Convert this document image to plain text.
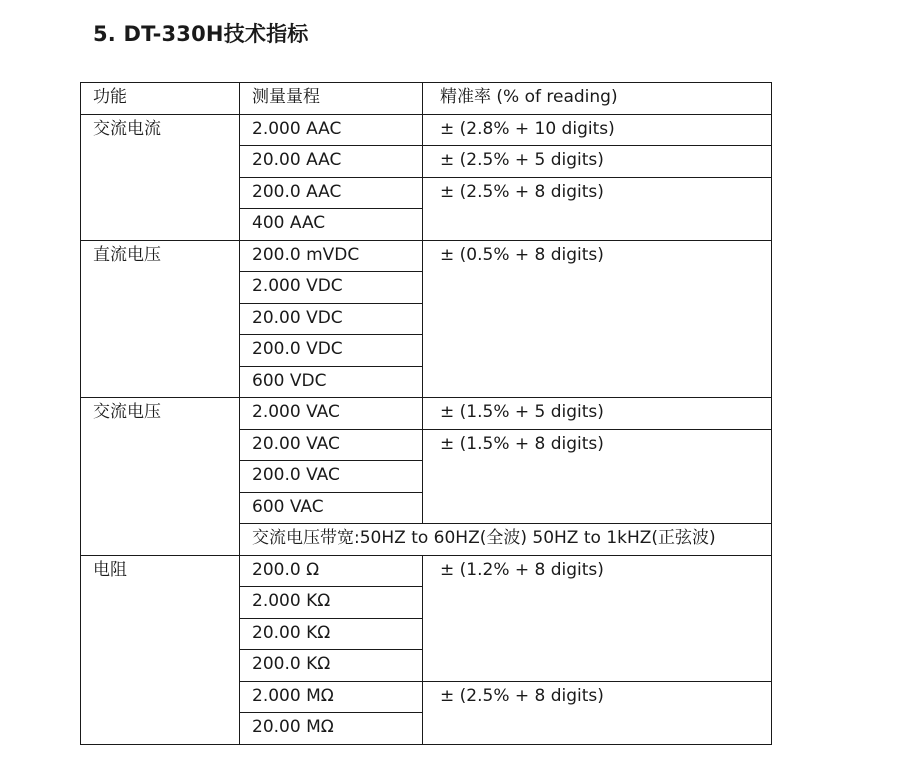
5. DT-330H技术指标
功能	测量量程	精准率 (% of reading)
交流电流	2.000 AAC	± (2.8% + 10 digits)
	20.00 AAC	± (2.5% + 5 digits)
	200.0 AAC	± (2.5% + 8 digits)
	400 AAC	
直流电压	200.0 mVDC	± (0.5% + 8 digits)
	2.000 VDC	
	20.00 VDC	
	200.0 VDC	
	600 VDC	
交流电压	2.000 VAC	± (1.5% + 5 digits)
	20.00 VAC	± (1.5% + 8 digits)
	200.0 VAC	
	600 VAC	
	交流电压带宽:50HZ to 60HZ(全波) 50HZ to 1kHZ(正弦波)	
电阻	200.0 Ω	± (1.2% + 8 digits)
	2.000 KΩ	
	20.00 KΩ	
	200.0 KΩ	
	2.000 MΩ	± (2.5% + 8 digits)
	20.00 MΩ	
